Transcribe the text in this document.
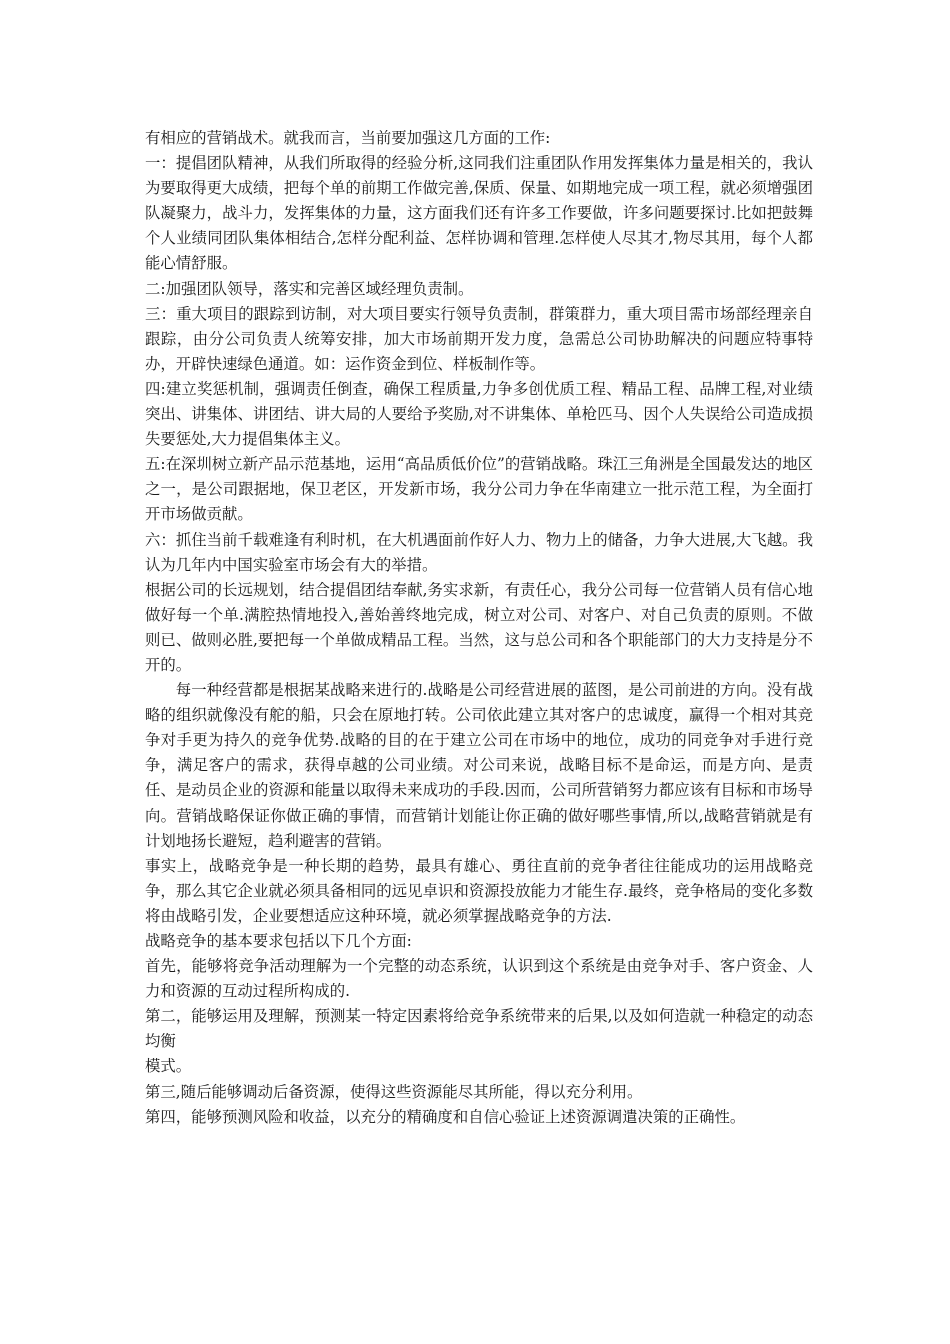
有相应的营销战术。就我而言，当前要加强这几方面的工作:

一：提倡团队精神，从我们所取得的经验分析,这同我们注重团队作用发挥集体力量是相关的，我认为要取得更大成绩，把每个单的前期工作做完善,保质、保量、如期地完成一项工程，就必须增强团队凝聚力，战斗力，发挥集体的力量，这方面我们还有许多工作要做，许多问题要探讨.比如把鼓舞个人业绩同团队集体相结合,怎样分配利益、怎样协调和管理.怎样使人尽其才,物尽其用，每个人都能心情舒服。

二:加强团队领导，落实和完善区域经理负责制。

三：重大项目的跟踪到访制，对大项目要实行领导负责制，群策群力，重大项目需市场部经理亲自跟踪，由分公司负责人统筹安排，加大市场前期开发力度，急需总公司协助解决的问题应特事特办，开辟快速绿色通道。如：运作资金到位、样板制作等。

四:建立奖惩机制，强调责任倒查，确保工程质量,力争多创优质工程、精品工程、品牌工程,对业绩突出、讲集体、讲团结、讲大局的人要给予奖励,对不讲集体、单枪匹马、因个人失误给公司造成损失要惩处,大力提倡集体主义。

五:在深圳树立新产品示范基地，运用“高品质低价位”的营销战略。珠江三角洲是全国最发达的地区之一，是公司跟据地，保卫老区，开发新市场，我分公司力争在华南建立一批示范工程，为全面打开市场做贡献。

六：抓住当前千载难逢有利时机，在大机遇面前作好人力、物力上的储备，力争大进展,大飞越。我认为几年内中国实验室市场会有大的举措。

根据公司的长远规划，结合提倡团结奉献,务实求新，有责任心，我分公司每一位营销人员有信心地做好每一个单.满腔热情地投入,善始善终地完成，树立对公司、对客户、对自己负责的原则。不做则已、做则必胜,要把每一个单做成精品工程。当然，这与总公司和各个职能部门的大力支持是分不开的。

每一种经营都是根据某战略来进行的.战略是公司经营进展的蓝图，是公司前进的方向。没有战略的组织就像没有舵的船，只会在原地打转。公司依此建立其对客户的忠诚度，赢得一个相对其竞争对手更为持久的竞争优势.战略的目的在于建立公司在市场中的地位，成功的同竞争对手进行竞争，满足客户的需求，获得卓越的公司业绩。对公司来说，战略目标不是命运，而是方向、是责任、是动员企业的资源和能量以取得未来成功的手段.因而，公司所营销努力都应该有目标和市场导向。营销战略保证你做正确的事情，而营销计划能让你正确的做好哪些事情,所以,战略营销就是有计划地扬长避短，趋利避害的营销。

事实上，战略竞争是一种长期的趋势，最具有雄心、勇往直前的竞争者往往能成功的运用战略竞争，那么其它企业就必须具备相同的远见卓识和资源投放能力才能生存.最终，竞争格局的变化多数将由战略引发，企业要想适应这种环境，就必须掌握战略竞争的方法.

战略竞争的基本要求包括以下几个方面:

首先，能够将竞争活动理解为一个完整的动态系统，认识到这个系统是由竞争对手、客户资金、人力和资源的互动过程所构成的.

第二，能够运用及理解，预测某一特定因素将给竞争系统带来的后果,以及如何造就一种稳定的动态均衡

模式。

第三,随后能够调动后备资源，使得这些资源能尽其所能，得以充分利用。

第四，能够预测风险和收益，以充分的精确度和自信心验证上述资源调遣决策的正确性。
